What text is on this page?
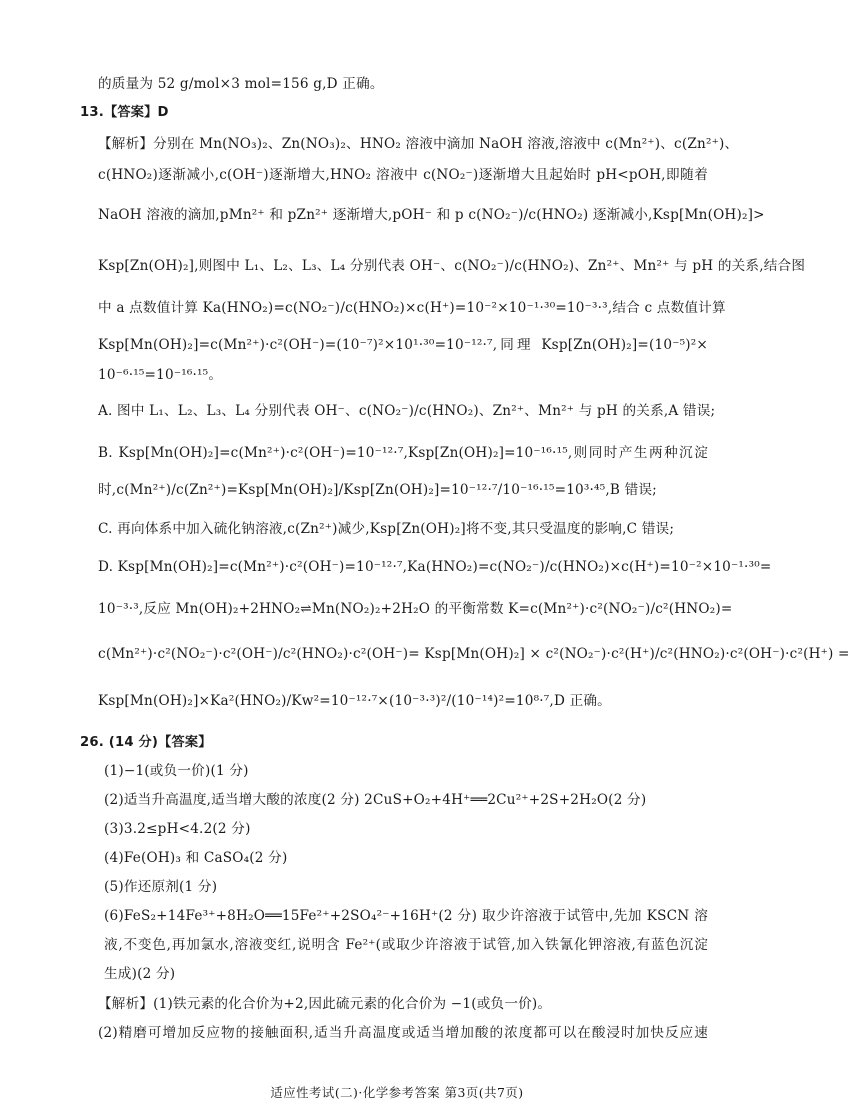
的质量为 52 g/mol×3 mol=156 g,D 正确。
13.【答案】D
【解析】分别在 Mn(NO₃)₂、Zn(NO₃)₂、HNO₂ 溶液中滴加 NaOH 溶液,溶液中 c(Mn²⁺)、c(Zn²⁺)、
c(HNO₂)逐渐减小,c(OH⁻)逐渐增大,HNO₂ 溶液中 c(NO₂⁻)逐渐增大且起始时 pH<pOH,即随着
NaOH 溶液的滴加,pMn²⁺ 和 pZn²⁺ 逐渐增大,pOH⁻ 和 p c(NO₂⁻)/c(HNO₂) 逐渐减小,Ksp[Mn(OH)₂]>
Ksp[Zn(OH)₂],则图中 L₁、L₂、L₃、L₄ 分别代表 OH⁻、c(NO₂⁻)/c(HNO₂)、Zn²⁺、Mn²⁺ 与 pH 的关系,结合图
中 a 点数值计算 Ka(HNO₂)=c(NO₂⁻)/c(HNO₂)×c(H⁺)=10⁻²×10⁻¹·³⁰=10⁻³·³,结合 c 点数值计算
Ksp[Mn(OH)₂]=c(Mn²⁺)·c²(OH⁻)=(10⁻⁷)²×10¹·³⁰=10⁻¹²·⁷,同理 Ksp[Zn(OH)₂]=(10⁻⁵)²×
10⁻⁶·¹⁵=10⁻¹⁶·¹⁵。
A. 图中 L₁、L₂、L₃、L₄ 分别代表 OH⁻、c(NO₂⁻)/c(HNO₂)、Zn²⁺、Mn²⁺ 与 pH 的关系,A 错误;
B. Ksp[Mn(OH)₂]=c(Mn²⁺)·c²(OH⁻)=10⁻¹²·⁷,Ksp[Zn(OH)₂]=10⁻¹⁶·¹⁵,则同时产生两种沉淀
时,c(Mn²⁺)/c(Zn²⁺)=Ksp[Mn(OH)₂]/Ksp[Zn(OH)₂]=10⁻¹²·⁷/10⁻¹⁶·¹⁵=10³·⁴⁵,B 错误;
C. 再向体系中加入硫化钠溶液,c(Zn²⁺)减少,Ksp[Zn(OH)₂]将不变,其只受温度的影响,C 错误;
D. Ksp[Mn(OH)₂]=c(Mn²⁺)·c²(OH⁻)=10⁻¹²·⁷,Ka(HNO₂)=c(NO₂⁻)/c(HNO₂)×c(H⁺)=10⁻²×10⁻¹·³⁰=
10⁻³·³,反应 Mn(OH)₂+2HNO₂⇌Mn(NO₂)₂+2H₂O 的平衡常数 K=c(Mn²⁺)·c²(NO₂⁻)/c²(HNO₂)=
c(Mn²⁺)·c²(NO₂⁻)·c²(OH⁻)/c²(HNO₂)·c²(OH⁻)= Ksp[Mn(OH)₂] × c²(NO₂⁻)·c²(H⁺)/c²(HNO₂)·c²(OH⁻)·c²(H⁺) =
Ksp[Mn(OH)₂]×Ka²(HNO₂)/Kw²=10⁻¹²·⁷×(10⁻³·³)²/(10⁻¹⁴)²=10⁸·⁷,D 正确。
26. (14 分)【答案】
(1)−1(或负一价)(1 分)
(2)适当升高温度,适当增大酸的浓度(2 分) 2CuS+O₂+4H⁺══2Cu²⁺+2S+2H₂O(2 分)
(3)3.2≤pH<4.2(2 分)
(4)Fe(OH)₃ 和 CaSO₄(2 分)
(5)作还原剂(1 分)
(6)FeS₂+14Fe³⁺+8H₂O══15Fe²⁺+2SO₄²⁻+16H⁺(2 分) 取少许溶液于试管中,先加 KSCN 溶
液,不变色,再加氯水,溶液变红,说明含 Fe²⁺(或取少许溶液于试管,加入铁氰化钾溶液,有蓝色沉淀
生成)(2 分)
【解析】(1)铁元素的化合价为+2,因此硫元素的化合价为 −1(或负一价)。
(2)精磨可增加反应物的接触面积,适当升高温度或适当增加酸的浓度都可以在酸浸时加快反应速
适应性考试(二)·化学参考答案 第3页(共7页)
